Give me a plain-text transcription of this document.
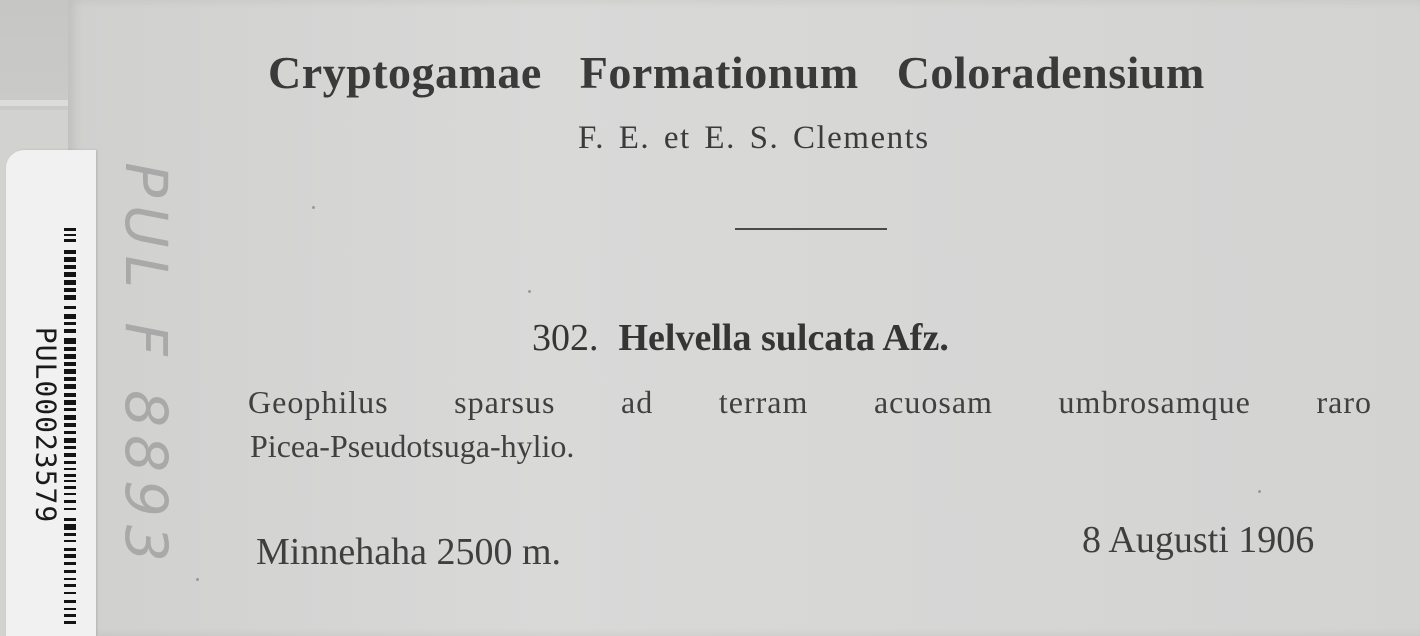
PUL00023579 PUL F 8893
Cryptogamae Formationum Coloradensium
F. E. et E. S. Clements
302. Helvella sulcata Afz.
Geophilus sparsus ad terram acuosam umbrosamque raro
Picea-Pseudotsuga-hylio.
Minnehaha 2500 m.	8 Augusti 1906
